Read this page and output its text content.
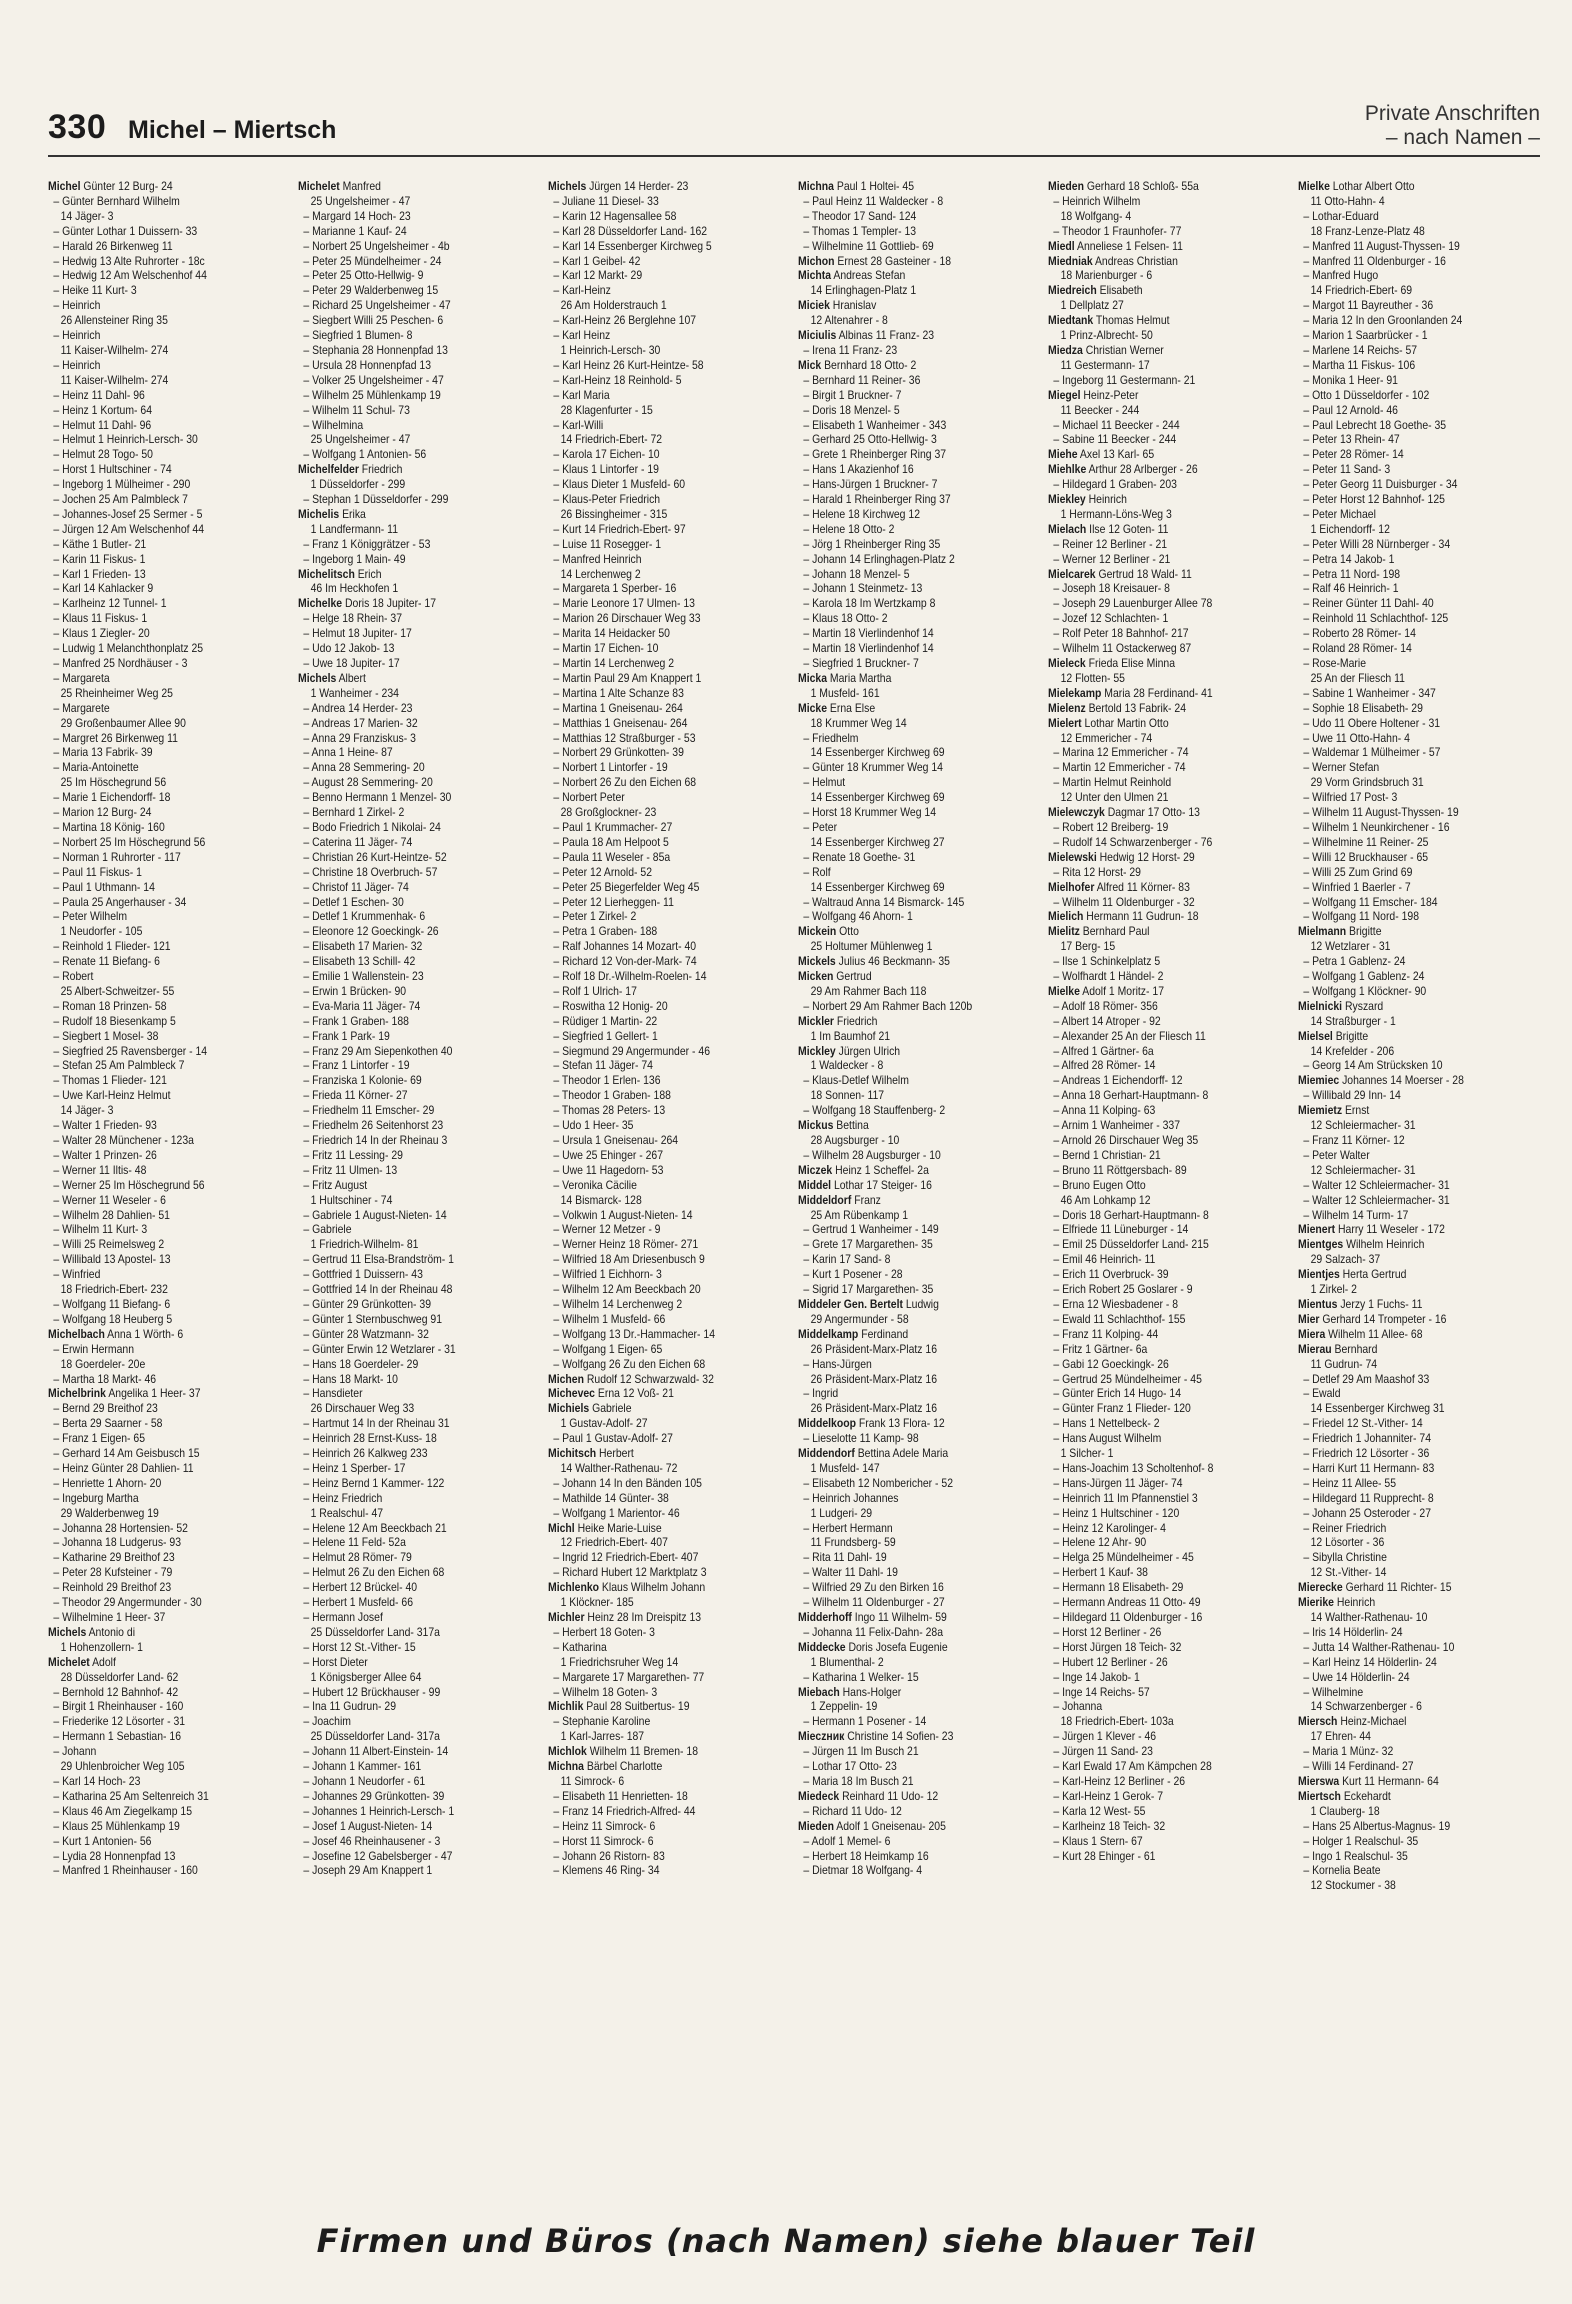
330 Michel – Miertsch
Private Anschriften
– nach Namen –
Michel Günter 12 Burg- 24
– Günter Bernhard Wilhelm
14 Jäger- 3
– Günter Lothar 1 Duissern- 33
– Harald 26 Birkenweg 11
– Hedwig 13 Alte Ruhrorter - 18c
– Hedwig 12 Am Welschenhof 44
– Heike 11 Kurt- 3
– Heinrich
26 Allensteiner Ring 35
– Heinrich
11 Kaiser-Wilhelm- 274
– Heinrich
11 Kaiser-Wilhelm- 274
– Heinz 11 Dahl- 96
– Heinz 1 Kortum- 64
– Helmut 11 Dahl- 96
– Helmut 1 Heinrich-Lersch- 30
– Helmut 28 Togo- 50
– Horst 1 Hultschiner - 74
– Ingeborg 1 Mülheimer - 290
– Jochen 25 Am Palmbleck 7
– Johannes-Josef 25 Sermer - 5
– Jürgen 12 Am Welschenhof 44
– Käthe 1 Butler- 21
– Karin 11 Fiskus- 1
– Karl 1 Frieden- 13
– Karl 14 Kahlacker 9
– Karlheinz 12 Tunnel- 1
– Klaus 11 Fiskus- 1
– Klaus 1 Ziegler- 20
– Ludwig 1 Melanchthonplatz 25
– Manfred 25 Nordhäuser - 3
– Margareta
25 Rheinheimer Weg 25
– Margarete
29 Großenbaumer Allee 90
– Margret 26 Birkenweg 11
– Maria 13 Fabrik- 39
– Maria-Antoinette
25 Im Höschegrund 56
– Marie 1 Eichendorff- 18
– Marion 12 Burg- 24
– Martina 18 König- 160
– Norbert 25 Im Höschegrund 56
– Norman 1 Ruhrorter - 117
– Paul 11 Fiskus- 1
– Paul 1 Uthmann- 14
– Paula 25 Angerhauser - 34
– Peter Wilhelm
1 Neudorfer - 105
– Reinhold 1 Flieder- 121
– Renate 11 Biefang- 6
– Robert
25 Albert-Schweitzer- 55
– Roman 18 Prinzen- 58
– Rudolf 18 Biesenkamp 5
– Siegbert 1 Mosel- 38
– Siegfried 25 Ravensberger - 14
– Stefan 25 Am Palmbleck 7
– Thomas 1 Flieder- 121
– Uwe Karl-Heinz Helmut
14 Jäger- 3
– Walter 1 Frieden- 93
– Walter 28 Münchener - 123a
– Walter 1 Prinzen- 26
– Werner 11 Iltis- 48
– Werner 25 Im Höschegrund 56
– Werner 11 Weseler - 6
– Wilhelm 28 Dahlien- 51
– Wilhelm 11 Kurt- 3
– Willi 25 Reimelsweg 2
– Willibald 13 Apostel- 13
– Winfried
18 Friedrich-Ebert- 232
– Wolfgang 11 Biefang- 6
– Wolfgang 18 Heuberg 5
Michelbach Anna 1 Wörth- 6
– Erwin Hermann
18 Goerdeler- 20e
– Martha 18 Markt- 46
Michelbrink Angelika 1 Heer- 37
– Bernd 29 Breithof 23
– Berta 29 Saarner - 58
– Franz 1 Eigen- 65
– Gerhard 14 Am Geisbusch 15
– Heinz Günter 28 Dahlien- 11
– Henriette 1 Ahorn- 20
– Ingeburg Martha
29 Walderbenweg 19
– Johanna 28 Hortensien- 52
– Johanna 18 Ludgerus- 93
– Katharine 29 Breithof 23
– Peter 28 Kufsteiner - 79
– Reinhold 29 Breithof 23
– Theodor 29 Angermunder - 30
– Wilhelmine 1 Heer- 37
Michels Antonio di
1 Hohenzollern- 1
Michelet Adolf
28 Düsseldorfer Land- 62
– Bernhold 12 Bahnhof- 42
– Birgit 1 Rheinhauser - 160
– Friederike 12 Lösorter - 31
– Hermann 1 Sebastian- 16
– Johann
29 Uhlenbroicher Weg 105
– Karl 14 Hoch- 23
– Katharina 25 Am Seltenreich 31
– Klaus 46 Am Ziegelkamp 15
– Klaus 25 Mühlenkamp 19
– Kurt 1 Antonien- 56
– Lydia 28 Honnenpfad 13
– Manfred 1 Rheinhauser - 160
Michelet Manfred
25 Ungelsheimer - 47
– Margard 14 Hoch- 23
– Marianne 1 Kauf- 24
– Norbert 25 Ungelsheimer - 4b
– Peter 25 Mündelheimer - 24
– Peter 25 Otto-Hellwig- 9
– Peter 29 Walderbenweg 15
– Richard 25 Ungelsheimer - 47
– Siegbert Willi 25 Peschen- 6
– Siegfried 1 Blumen- 8
– Stephania 28 Honnenpfad 13
– Ursula 28 Honnenpfad 13
– Volker 25 Ungelsheimer - 47
– Wilhelm 25 Mühlenkamp 19
– Wilhelm 11 Schul- 73
– Wilhelmina
25 Ungelsheimer - 47
– Wolfgang 1 Antonien- 56
Michelfelder Friedrich
1 Düsseldorfer - 299
– Stephan 1 Düsseldorfer - 299
Michelis Erika
1 Landfermann- 11
– Franz 1 Königgrätzer - 53
– Ingeborg 1 Main- 49
Michelitsch Erich
46 Im Heckhofen 1
Michelke Doris 18 Jupiter- 17
– Helge 18 Rhein- 37
– Helmut 18 Jupiter- 17
– Udo 12 Jakob- 13
– Uwe 18 Jupiter- 17
Michels Albert
1 Wanheimer - 234
– Andrea 14 Herder- 23
– Andreas 17 Marien- 32
– Anna 29 Franziskus- 3
– Anna 1 Heine- 87
– Anna 28 Semmering- 20
– August 28 Semmering- 20
– Benno Hermann 1 Menzel- 30
– Bernhard 1 Zirkel- 2
– Bodo Friedrich 1 Nikolai- 24
– Caterina 11 Jäger- 74
– Christian 26 Kurt-Heintze- 52
– Christine 18 Overbruch- 57
– Christof 11 Jäger- 74
– Detlef 1 Eschen- 30
– Detlef 1 Krummenhak- 6
– Eleonore 12 Goeckingk- 26
– Elisabeth 17 Marien- 32
– Elisabeth 13 Schill- 42
– Emilie 1 Wallenstein- 23
– Erwin 1 Brücken- 90
– Eva-Maria 11 Jäger- 74
– Frank 1 Graben- 188
– Frank 1 Park- 19
– Franz 29 Am Siepenkothen 40
– Franz 1 Lintorfer - 19
– Franziska 1 Kolonie- 69
– Frieda 11 Körner- 27
– Friedhelm 11 Emscher- 29
– Friedhelm 26 Seitenhorst 23
– Friedrich 14 In der Rheinau 3
– Fritz 11 Lessing- 29
– Fritz 11 Ulmen- 13
– Fritz August
1 Hultschiner - 74
– Gabriele 1 August-Nieten- 14
– Gabriele
1 Friedrich-Wilhelm- 81
– Gertrud 11 Elsa-Brandström- 1
– Gottfried 1 Duissern- 43
– Gottfried 14 In der Rheinau 48
– Günter 29 Grünkotten- 39
– Günter 1 Sternbuschweg 91
– Günter 28 Watzmann- 32
– Günter Erwin 12 Wetzlarer - 31
– Hans 18 Goerdeler- 29
– Hans 18 Markt- 10
– Hansdieter
26 Dirschauer Weg 33
– Hartmut 14 In der Rheinau 31
– Heinrich 28 Ernst-Kuss- 18
– Heinrich 26 Kalkweg 233
– Heinz 1 Sperber- 17
– Heinz Bernd 1 Kammer- 122
– Heinz Friedrich
1 Realschul- 47
– Helene 12 Am Beeckbach 21
– Helene 11 Feld- 52a
– Helmut 28 Römer- 79
– Helmut 26 Zu den Eichen 68
– Herbert 12 Brückel- 40
– Herbert 1 Musfeld- 66
– Hermann Josef
25 Düsseldorfer Land- 317a
– Horst 12 St.-Vither- 15
– Horst Dieter
1 Königsberger Allee 64
– Hubert 12 Brückhauser - 99
– Ina 11 Gudrun- 29
– Joachim
25 Düsseldorfer Land- 317a
– Johann 11 Albert-Einstein- 14
– Johann 1 Kammer- 161
– Johann 1 Neudorfer - 61
– Johannes 29 Grünkotten- 39
– Johannes 1 Heinrich-Lersch- 1
– Josef 1 August-Nieten- 14
– Josef 46 Rheinhausener - 3
– Josefine 12 Gabelsberger - 47
– Joseph 29 Am Knappert 1
Michels Jürgen 14 Herder- 23
– Juliane 11 Diesel- 33
– Karin 12 Hagensallee 58
– Karl 28 Düsseldorfer Land- 162
– Karl 14 Essenberger Kirchweg 5
– Karl 1 Geibel- 42
– Karl 12 Markt- 29
– Karl-Heinz
26 Am Holderstrauch 1
– Karl-Heinz 26 Berglehne 107
– Karl Heinz
1 Heinrich-Lersch- 30
– Karl Heinz 26 Kurt-Heintze- 58
– Karl-Heinz 18 Reinhold- 5
– Karl Maria
28 Klagenfurter - 15
– Karl-Willi
14 Friedrich-Ebert- 72
– Karola 17 Eichen- 10
– Klaus 1 Lintorfer - 19
– Klaus Dieter 1 Musfeld- 60
– Klaus-Peter Friedrich
26 Bissingheimer - 315
– Kurt 14 Friedrich-Ebert- 97
– Luise 11 Rosegger- 1
– Manfred Heinrich
14 Lerchenweg 2
– Margareta 1 Sperber- 16
– Marie Leonore 17 Ulmen- 13
– Marion 26 Dirschauer Weg 33
– Marita 14 Heidacker 50
– Martin 17 Eichen- 10
– Martin 14 Lerchenweg 2
– Martin Paul 29 Am Knappert 1
– Martina 1 Alte Schanze 83
– Martina 1 Gneisenau- 264
– Matthias 1 Gneisenau- 264
– Matthias 12 Straßburger - 53
– Norbert 29 Grünkotten- 39
– Norbert 1 Lintorfer - 19
– Norbert 26 Zu den Eichen 68
– Norbert Peter
28 Großglockner- 23
– Paul 1 Krummacher- 27
– Paula 18 Am Helpoot 5
– Paula 11 Weseler - 85a
– Peter 12 Arnold- 52
– Peter 25 Biegerfelder Weg 45
– Peter 12 Lierheggen- 11
– Peter 1 Zirkel- 2
– Petra 1 Graben- 188
– Ralf Johannes 14 Mozart- 40
– Richard 12 Von-der-Mark- 74
– Rolf 18 Dr.-Wilhelm-Roelen- 14
– Rolf 1 Ulrich- 17
– Roswitha 12 Honig- 20
– Rüdiger 1 Martin- 22
– Siegfried 1 Gellert- 1
– Siegmund 29 Angermunder - 46
– Stefan 11 Jäger- 74
– Theodor 1 Erlen- 136
– Theodor 1 Graben- 188
– Thomas 28 Peters- 13
– Udo 1 Heer- 35
– Ursula 1 Gneisenau- 264
– Uwe 25 Ehinger - 267
– Uwe 11 Hagedorn- 53
– Veronika Cäcilie
14 Bismarck- 128
– Volkwin 1 August-Nieten- 14
– Werner 12 Metzer - 9
– Werner Heinz 18 Römer- 271
– Wilfried 18 Am Driesenbusch 9
– Wilfried 1 Eichhorn- 3
– Wilhelm 12 Am Beeckbach 20
– Wilhelm 14 Lerchenweg 2
– Wilhelm 1 Musfeld- 66
– Wolfgang 13 Dr.-Hammacher- 14
– Wolfgang 1 Eigen- 65
– Wolfgang 26 Zu den Eichen 68
Michen Rudolf 12 Schwarzwald- 32
Michevec Erna 12 Voß- 21
Michiels Gabriele
1 Gustav-Adolf- 27
– Paul 1 Gustav-Adolf- 27
Michitsch Herbert
14 Walther-Rathenau- 72
– Johann 14 In den Bänden 105
– Mathilde 14 Günter- 38
– Wolfgang 1 Marientor- 46
Michl Heike Marie-Luise
12 Friedrich-Ebert- 407
– Ingrid 12 Friedrich-Ebert- 407
– Richard Hubert 12 Marktplatz 3
Michlenko Klaus Wilhelm Johann
1 Klöckner- 185
Michler Heinz 28 Im Dreispitz 13
– Herbert 18 Goten- 3
– Katharina
1 Friedrichsruher Weg 14
– Margarete 17 Margarethen- 77
– Wilhelm 18 Goten- 3
Michlik Paul 28 Suitbertus- 19
– Stephanie Karoline
1 Karl-Jarres- 187
Michlok Wilhelm 11 Bremen- 18
Michna Bärbel Charlotte
11 Simrock- 6
– Elisabeth 11 Henrietten- 18
– Franz 14 Friedrich-Alfred- 44
– Heinz 11 Simrock- 6
– Horst 11 Simrock- 6
– Johann 26 Ristorn- 83
– Klemens 46 Ring- 34
Michna Paul 1 Holtei- 45
– Paul Heinz 11 Waldecker - 8
– Theodor 17 Sand- 124
– Thomas 1 Templer- 13
– Wilhelmine 11 Gottlieb- 69
Michon Ernest 28 Gasteiner - 18
Michta Andreas Stefan
14 Erlinghagen-Platz 1
Miciek Hranislav
12 Altenahrer - 8
Miciulis Albinas 11 Franz- 23
– Irena 11 Franz- 23
Mick Bernhard 18 Otto- 2
– Bernhard 11 Reiner- 36
– Birgit 1 Bruckner- 7
– Doris 18 Menzel- 5
– Elisabeth 1 Wanheimer - 343
– Gerhard 25 Otto-Hellwig- 3
– Grete 1 Rheinberger Ring 37
– Hans 1 Akazienhof 16
– Hans-Jürgen 1 Bruckner- 7
– Harald 1 Rheinberger Ring 37
– Helene 18 Kirchweg 12
– Helene 18 Otto- 2
– Jörg 1 Rheinberger Ring 35
– Johann 14 Erlinghagen-Platz 2
– Johann 18 Menzel- 5
– Johann 1 Steinmetz- 13
– Karola 18 Im Wertzkamp 8
– Klaus 18 Otto- 2
– Martin 18 Vierlindenhof 14
– Martin 18 Vierlindenhof 14
– Siegfried 1 Bruckner- 7
Micka Maria Martha
1 Musfeld- 161
Micke Erna Else
18 Krummer Weg 14
– Friedhelm
14 Essenberger Kirchweg 69
– Günter 18 Krummer Weg 14
– Helmut
14 Essenberger Kirchweg 69
– Horst 18 Krummer Weg 14
– Peter
14 Essenberger Kirchweg 27
– Renate 18 Goethe- 31
– Rolf
14 Essenberger Kirchweg 69
– Waltraud Anna 14 Bismarck- 145
– Wolfgang 46 Ahorn- 1
Mickein Otto
25 Holtumer Mühlenweg 1
Mickels Julius 46 Beckmann- 35
Micken Gertrud
29 Am Rahmer Bach 118
– Norbert 29 Am Rahmer Bach 120b
Mickler Friedrich
1 Im Baumhof 21
Mickley Jürgen Ulrich
1 Waldecker - 8
– Klaus-Detlef Wilhelm
18 Sonnen- 117
– Wolfgang 18 Stauffenberg- 2
Mickus Bettina
28 Augsburger - 10
– Wilhelm 28 Augsburger - 10
Miczek Heinz 1 Scheffel- 2a
Middel Lothar 17 Steiger- 16
Middeldorf Franz
25 Am Rübenkamp 1
– Gertrud 1 Wanheimer - 149
– Grete 17 Margarethen- 35
– Karin 17 Sand- 8
– Kurt 1 Posener - 28
– Sigrid 17 Margarethen- 35
Middeler Gen. Bertelt Ludwig
29 Angermunder - 58
Middelkamp Ferdinand
26 Präsident-Marx-Platz 16
– Hans-Jürgen
26 Präsident-Marx-Platz 16
– Ingrid
26 Präsident-Marx-Platz 16
Middelkoop Frank 13 Flora- 12
– Lieselotte 11 Kamp- 98
Middendorf Bettina Adele Maria
1 Musfeld- 147
– Elisabeth 12 Nombericher - 52
– Heinrich Johannes
1 Ludgeri- 29
– Herbert Hermann
11 Frundsberg- 59
– Rita 11 Dahl- 19
– Walter 11 Dahl- 19
– Wilfried 29 Zu den Birken 16
– Wilhelm 11 Oldenburger - 27
Midderhoff Ingo 11 Wilhelm- 59
– Johanna 11 Felix-Dahn- 28a
Middecke Doris Josefa Eugenie
1 Blumenthal- 2
– Katharina 1 Welker- 15
Miebach Hans-Holger
1 Zeppelin- 19
– Hermann 1 Posener - 14
Mieczник Christine 14 Sofien- 23
– Jürgen 11 Im Busch 21
– Lothar 17 Otto- 23
– Maria 18 Im Busch 21
Miedeck Reinhard 11 Udo- 12
– Richard 11 Udo- 12
Mieden Adolf 1 Gneisenau- 205
– Adolf 1 Memel- 6
– Herbert 18 Heimkamp 16
– Dietmar 18 Wolfgang- 4
Mieden Gerhard 18 Schloß- 55a
– Heinrich Wilhelm
18 Wolfgang- 4
– Theodor 1 Fraunhofer- 77
Miedl Anneliese 1 Felsen- 11
Miedniak Andreas Christian
18 Marienburger - 6
Miedreich Elisabeth
1 Dellplatz 27
Miedtank Thomas Helmut
1 Prinz-Albrecht- 50
Miedza Christian Werner
11 Gestermann- 17
– Ingeborg 11 Gestermann- 21
Miegel Heinz-Peter
11 Beecker - 244
– Michael 11 Beecker - 244
– Sabine 11 Beecker - 244
Miehe Axel 13 Karl- 65
Miehlke Arthur 28 Arlberger - 26
– Hildegard 1 Graben- 203
Miekley Heinrich
1 Hermann-Löns-Weg 3
Mielach Ilse 12 Goten- 11
– Reiner 12 Berliner - 21
– Werner 12 Berliner - 21
Mielcarek Gertrud 18 Wald- 11
– Joseph 18 Kreisauer- 8
– Joseph 29 Lauenburger Allee 78
– Jozef 12 Schlachten- 1
– Rolf Peter 18 Bahnhof- 217
– Wilhelm 11 Ostackerweg 87
Mieleck Frieda Elise Minna
12 Flotten- 55
Mielekamp Maria 28 Ferdinand- 41
Mielenz Bertold 13 Fabrik- 24
Mielert Lothar Martin Otto
12 Emmericher - 74
– Marina 12 Emmericher - 74
– Martin 12 Emmericher - 74
– Martin Helmut Reinhold
12 Unter den Ulmen 21
Mielewczyk Dagmar 17 Otto- 13
– Robert 12 Breiberg- 19
– Rudolf 14 Schwarzenberger - 76
Mielewski Hedwig 12 Horst- 29
– Rita 12 Horst- 29
Mielhofer Alfred 11 Körner- 83
– Wilhelm 11 Oldenburger - 32
Mielich Hermann 11 Gudrun- 18
Mielitz Bernhard Paul
17 Berg- 15
– Ilse 1 Schinkelplatz 5
– Wolfhardt 1 Händel- 2
Mielke Adolf 1 Moritz- 17
– Adolf 18 Römer- 356
– Albert 14 Atroper - 92
– Alexander 25 An der Fliesch 11
– Alfred 1 Gärtner- 6a
– Alfred 28 Römer- 14
– Andreas 1 Eichendorff- 12
– Anna 18 Gerhart-Hauptmann- 8
– Anna 11 Kolping- 63
– Arnim 1 Wanheimer - 337
– Arnold 26 Dirschauer Weg 35
– Bernd 1 Christian- 21
– Bruno 11 Röttgersbach- 89
– Bruno Eugen Otto
46 Am Lohkamp 12
– Doris 18 Gerhart-Hauptmann- 8
– Elfriede 11 Lüneburger - 14
– Emil 25 Düsseldorfer Land- 215
– Emil 46 Heinrich- 11
– Erich 11 Overbruck- 39
– Erich Robert 25 Goslarer - 9
– Erna 12 Wiesbadener - 8
– Ewald 11 Schlachthof- 155
– Franz 11 Kolping- 44
– Fritz 1 Gärtner- 6a
– Gabi 12 Goeckingk- 26
– Gertrud 25 Mündelheimer - 45
– Günter Erich 14 Hugo- 14
– Günter Franz 1 Flieder- 120
– Hans 1 Nettelbeck- 2
– Hans August Wilhelm
1 Silcher- 1
– Hans-Joachim 13 Scholtenhof- 8
– Hans-Jürgen 11 Jäger- 74
– Heinrich 11 Im Pfannenstiel 3
– Heinz 1 Hultschiner - 120
– Heinz 12 Karolinger- 4
– Helene 12 Ahr- 90
– Helga 25 Mündelheimer - 45
– Herbert 1 Kauf- 38
– Hermann 18 Elisabeth- 29
– Hermann Andreas 11 Otto- 49
– Hildegard 11 Oldenburger - 16
– Horst 12 Berliner - 26
– Horst Jürgen 18 Teich- 32
– Hubert 12 Berliner - 26
– Inge 14 Jakob- 1
– Inge 14 Reichs- 57
– Johanna
18 Friedrich-Ebert- 103a
– Jürgen 1 Klever - 46
– Jürgen 11 Sand- 23
– Karl Ewald 17 Am Kämpchen 28
– Karl-Heinz 12 Berliner - 26
– Karl-Heinz 1 Gerok- 7
– Karla 12 West- 55
– Karlheinz 18 Teich- 32
– Klaus 1 Stern- 67
– Kurt 28 Ehinger - 61
Mielke Lothar Albert Otto
11 Otto-Hahn- 4
– Lothar-Eduard
18 Franz-Lenze-Platz 48
– Manfred 11 August-Thyssen- 19
– Manfred 11 Oldenburger - 16
– Manfred Hugo
14 Friedrich-Ebert- 69
– Margot 11 Bayreuther - 36
– Maria 12 In den Groonlanden 24
– Marion 1 Saarbrücker - 1
– Marlene 14 Reichs- 57
– Martha 11 Fiskus- 106
– Monika 1 Heer- 91
– Otto 1 Düsseldorfer - 102
– Paul 12 Arnold- 46
– Paul Lebrecht 18 Goethe- 35
– Peter 13 Rhein- 47
– Peter 28 Römer- 14
– Peter 11 Sand- 3
– Peter Georg 11 Duisburger - 34
– Peter Horst 12 Bahnhof- 125
– Peter Michael
1 Eichendorff- 12
– Peter Willi 28 Nürnberger - 34
– Petra 14 Jakob- 1
– Petra 11 Nord- 198
– Ralf 46 Heinrich- 1
– Reiner Günter 11 Dahl- 40
– Reinhold 11 Schlachthof- 125
– Roberto 28 Römer- 14
– Roland 28 Römer- 14
– Rose-Marie
25 An der Fliesch 11
– Sabine 1 Wanheimer - 347
– Sophie 18 Elisabeth- 29
– Udo 11 Obere Holtener - 31
– Uwe 11 Otto-Hahn- 4
– Waldemar 1 Mülheimer - 57
– Werner Stefan
29 Vorm Grindsbruch 31
– Wilfried 17 Post- 3
– Wilhelm 11 August-Thyssen- 19
– Wilhelm 1 Neunkirchener - 16
– Wilhelmine 11 Reiner- 25
– Willi 12 Bruckhauser - 65
– Willi 25 Zum Grind 69
– Winfried 1 Baerler - 7
– Wolfgang 11 Emscher- 184
– Wolfgang 11 Nord- 198
Mielmann Brigitte
12 Wetzlarer - 31
– Petra 1 Gablenz- 24
– Wolfgang 1 Gablenz- 24
– Wolfgang 1 Klöckner- 90
Mielnicki Ryszard
14 Straßburger - 1
Mielsel Brigitte
14 Krefelder - 206
– Georg 14 Am Strücksken 10
Miemiec Johannes 14 Moerser - 28
– Willibald 29 Inn- 14
Miemietz Ernst
12 Schleiermacher- 31
– Franz 11 Körner- 12
– Peter Walter
12 Schleiermacher- 31
– Walter 12 Schleiermacher- 31
– Walter 12 Schleiermacher- 31
– Wilhelm 14 Turm- 17
Mienert Harry 11 Weseler - 172
Mientges Wilhelm Heinrich
29 Salzach- 37
Mientjes Herta Gertrud
1 Zirkel- 2
Mientus Jerzy 1 Fuchs- 11
Mier Gerhard 14 Trompeter - 16
Miera Wilhelm 11 Allee- 68
Mierau Bernhard
11 Gudrun- 74
– Detlef 29 Am Maashof 33
– Ewald
14 Essenberger Kirchweg 31
– Friedel 12 St.-Vither- 14
– Friedrich 1 Johanniter- 74
– Friedrich 12 Lösorter - 36
– Harri Kurt 11 Hermann- 83
– Heinz 11 Allee- 55
– Hildegard 11 Rupprecht- 8
– Johann 25 Osteroder - 27
– Reiner Friedrich
12 Lösorter - 36
– Sibylla Christine
12 St.-Vither- 14
Mierecke Gerhard 11 Richter- 15
Mierike Heinrich
14 Walther-Rathenau- 10
– Iris 14 Hölderlin- 24
– Jutta 14 Walther-Rathenau- 10
– Karl Heinz 14 Hölderlin- 24
– Uwe 14 Hölderlin- 24
– Wilhelmine
14 Schwarzenberger - 6
Miersch Heinz-Michael
17 Ehren- 44
– Maria 1 Münz- 32
– Willi 14 Ferdinand- 27
Mierswa Kurt 11 Hermann- 64
Miertsch Eckehardt
1 Clauberg- 18
– Hans 25 Albertus-Magnus- 19
– Holger 1 Realschul- 35
– Ingo 1 Realschul- 35
– Kornelia Beate
12 Stockumer - 38
Firmen und Büros (nach Namen) siehe blauer Teil
